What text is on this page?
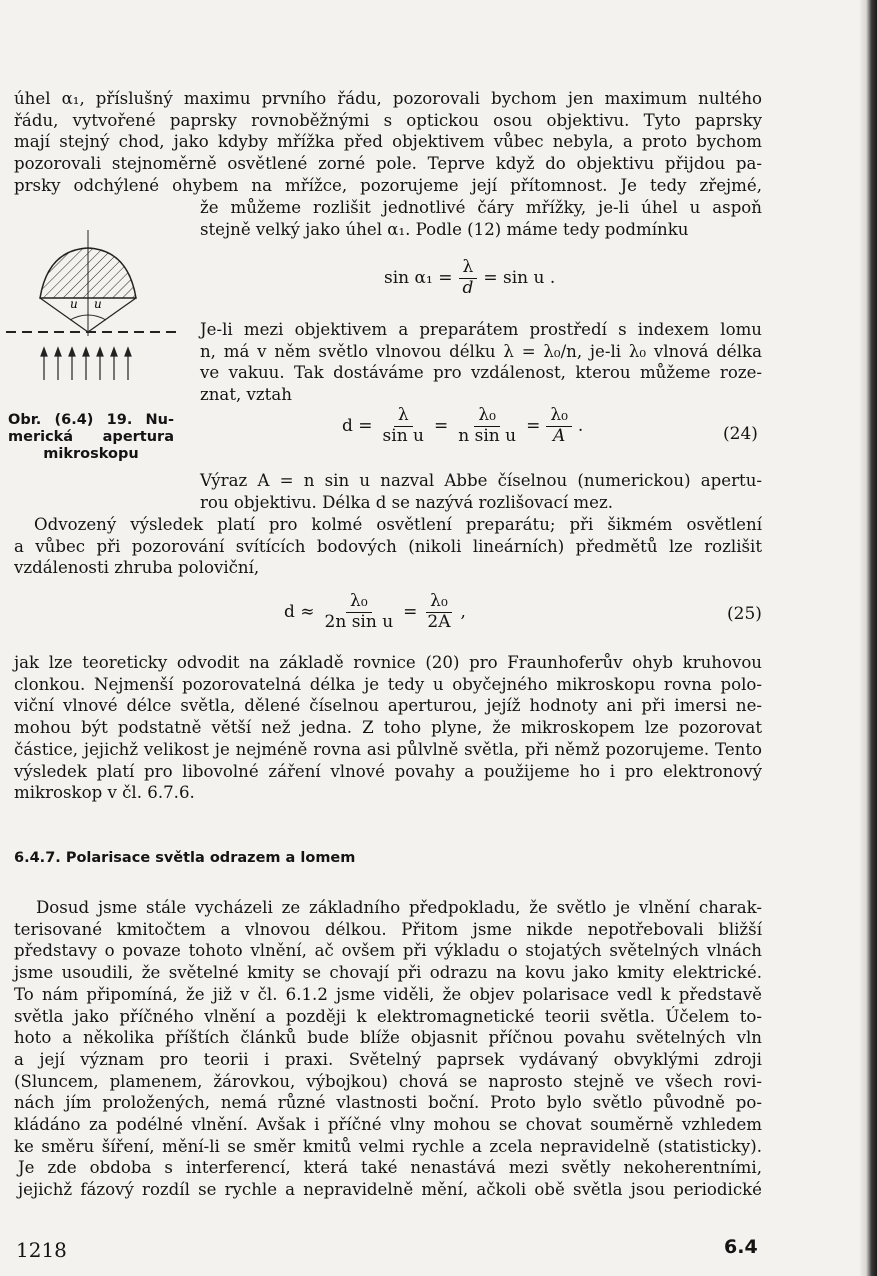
úhel α₁, příslušný maximu prvního řádu, pozorovali bychom jen maximum nultého
řádu, vytvořené paprsky rovnoběžnými s optickou osou objektivu. Tyto paprsky
mají stejný chod, jako kdyby mřížka před objektivem vůbec nebyla, a proto bychom
pozorovali stejnoměrně osvětlené zorné pole. Teprve když do objektivu přijdou pa-
prsky odchýlené ohybem na mřížce, pozorujeme její přítomnost. Je tedy zřejmé,
že můžeme rozlišit jednotlivé čáry mřížky, je-li úhel u aspoň
stejně velký jako úhel α₁. Podle (12) máme tedy podmínku
u u
Obr. (6.4) 19. Nu-
merická apertura
mikroskopu
$\sin \alpha_1 = \frac{\lambda}{d} = \sin u$ .
Je-li mezi objektivem a preparátem prostředí s indexem lomu
n, má v něm světlo vlnovou délku λ = λ₀/n, je-li λ₀ vlnová délka
ve vakuu. Tak dostáváme pro vzdálenost, kterou můžeme roze-
znat, vztah
$d = \frac{\lambda}{\text{sin u}} = \frac{\text{λ₀}}{\text{n sin u}} = \frac{\text{λ₀}}{A}$ .	(24)
Výraz A = n sin u nazval Abbe číselnou (numerickou) apertu-
rou objektivu. Délka d se nazývá rozlišovací mez.
Odvozený výsledek platí pro kolmé osvětlení preparátu; při šikmém osvětlení
a vůbec při pozorování svítících bodových (nikoli lineárních) předmětů lze rozlišit
vzdálenosti zhruba poloviční,
$d \approx \frac{\text{λ₀}}{\text{2n sin u}} = \frac{\text{λ₀}}{2A}$ ,	(25)
jak lze teoreticky odvodit na základě rovnice (20) pro Fraunhoferův ohyb kruhovou
clonkou. Nejmenší pozorovatelná délka je tedy u obyčejného mikroskopu rovna polo-
viční vlnové délce světla, dělené číselnou aperturou, jejíž hodnoty ani při imersi ne-
mohou být podstatně větší než jedna. Z toho plyne, že mikroskopem lze pozorovat
částice, jejichž velikost je nejméně rovna asi půlvlně světla, při němž pozorujeme. Tento
výsledek platí pro libovolné záření vlnové povahy a použijeme ho i pro elektronový
mikroskop v čl. 6.7.6.
6.4.7. Polarisace světla odrazem a lomem
Dosud jsme stále vycházeli ze základního předpokladu, že světlo je vlnění charak-
terisované kmitočtem a vlnovou délkou. Přitom jsme nikde nepotřebovali bližší
představy o povaze tohoto vlnění, ač ovšem při výkladu o stojatých světelných vlnách
jsme usoudili, že světelné kmity se chovají při odrazu na kovu jako kmity elektrické.
To nám připomíná, že již v čl. 6.1.2 jsme viděli, že objev polarisace vedl k představě
světla jako příčného vlnění a později k elektromagnetické teorii světla. Účelem to-
hoto a několika příštích článků bude blíže objasnit příčnou povahu světelných vln
a její význam pro teorii i praxi. Světelný paprsek vydávaný obvyklými zdroji
(Sluncem, plamenem, žárovkou, výbojkou) chová se naprosto stejně ve všech rovi-
nách jím proložených, nemá různé vlastnosti boční. Proto bylo světlo původně po-
kládáno za podélné vlnění. Avšak i příčné vlny mohou se chovat souměrně vzhledem
ke směru šíření, mění-li se směr kmitů velmi rychle a zcela nepravidelně (statisticky).
Je zde obdoba s interferencí, která také nenastává mezi světly nekoherentními,
jejichž fázový rozdíl se rychle a nepravidelně mění, ačkoli obě světla jsou periodické
1218	6.4
